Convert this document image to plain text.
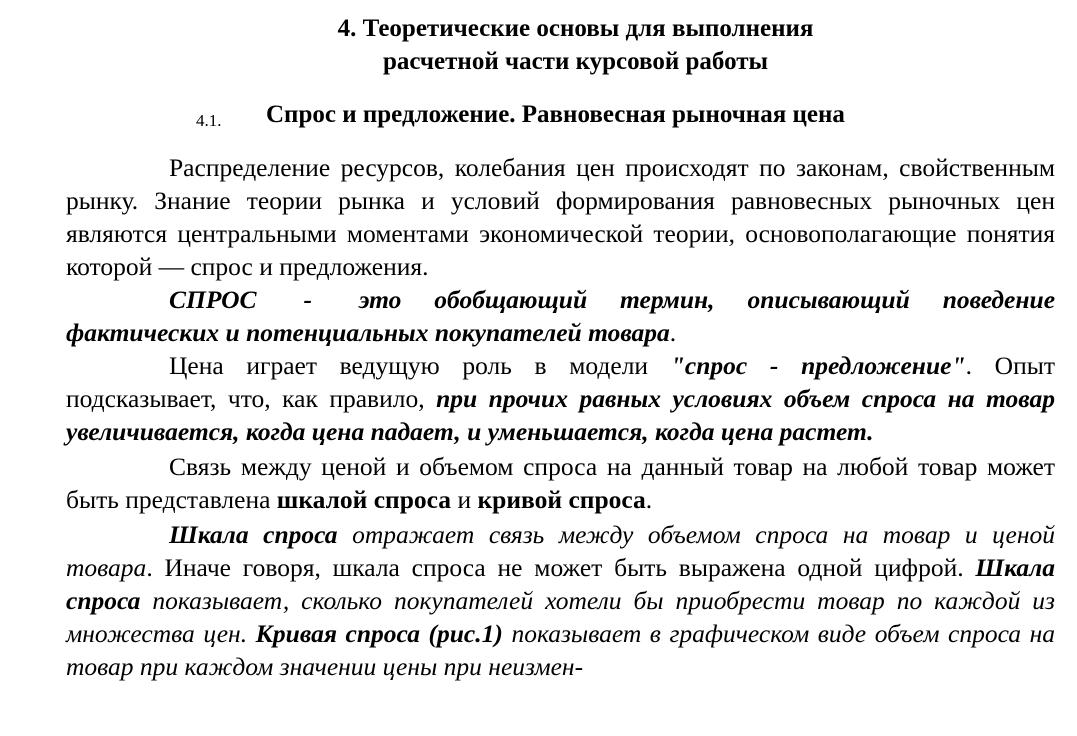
4. Теоретические основы для выполнения
расчетной части курсовой работы
4.1. Спрос и предложение. Равновесная рыночная цена

Распределение ресурсов, колебания цен происходят по законам, свойственным рынку. Знание теории рынка и условий формирования равновесных рыночных цен являются центральными моментами экономической теории, основополагающие понятия которой — спрос и предложения.

СПРОС - это обобщающий термин, описывающий поведение фактических и потенциальных покупателей товара.

Цена играет ведущую роль в модели "спрос - предложение". Опыт подсказывает, что, как правило, при прочих равных условиях объем спроса на товар увеличивается, когда цена падает, и уменьшается, когда цена растет.

Связь между ценой и объемом спроса на данный товар на любой товар может быть представлена шкалой спроса и кривой спроса.

Шкала спроса отражает связь между объемом спроса на товар и ценой товара. Иначе говоря, шкала спроса не может быть выражена одной цифрой. Шкала спроса показывает, сколько покупателей хотели бы приобрести товар по каждой из множества цен. Кривая спроса (рис.1) показывает в графическом виде объем спроса на товар при каждом значении цены при неизмен-
